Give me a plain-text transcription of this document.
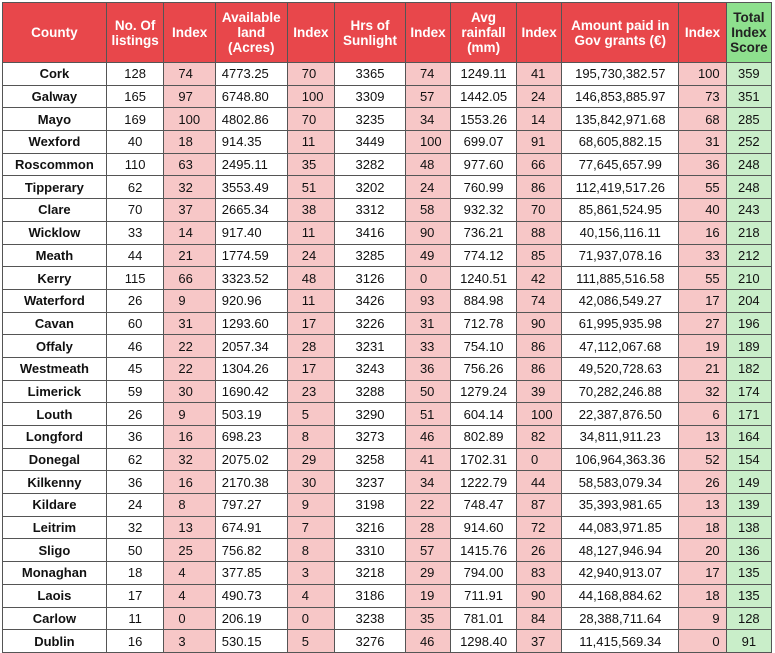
County	No. Of listings	Index	Available land (Acres)	Index	Hrs of Sunlight	Index	Avg rainfall (mm)	Index	Amount paid in Gov grants (€)	Index	Total Index Score
Cork	128	74	4773.25	70	3365	74	1249.11	41	195,730,382.57	100	359
Galway	165	97	6748.80	100	3309	57	1442.05	24	146,853,885.97	73	351
Mayo	169	100	4802.86	70	3235	34	1553.26	14	135,842,971.68	68	285
Wexford	40	18	914.35	11	3449	100	699.07	91	68,605,882.15	31	252
Roscommon	110	63	2495.11	35	3282	48	977.60	66	77,645,657.99	36	248
Tipperary	62	32	3553.49	51	3202	24	760.99	86	112,419,517.26	55	248
Clare	70	37	2665.34	38	3312	58	932.32	70	85,861,524.95	40	243
Wicklow	33	14	917.40	11	3416	90	736.21	88	40,156,116.11	16	218
Meath	44	21	1774.59	24	3285	49	774.12	85	71,937,078.16	33	212
Kerry	115	66	3323.52	48	3126	0	1240.51	42	111,885,516.58	55	210
Waterford	26	9	920.96	11	3426	93	884.98	74	42,086,549.27	17	204
Cavan	60	31	1293.60	17	3226	31	712.78	90	61,995,935.98	27	196
Offaly	46	22	2057.34	28	3231	33	754.10	86	47,112,067.68	19	189
Westmeath	45	22	1304.26	17	3243	36	756.26	86	49,520,728.63	21	182
Limerick	59	30	1690.42	23	3288	50	1279.24	39	70,282,246.88	32	174
Louth	26	9	503.19	5	3290	51	604.14	100	22,387,876.50	6	171
Longford	36	16	698.23	8	3273	46	802.89	82	34,811,911.23	13	164
Donegal	62	32	2075.02	29	3258	41	1702.31	0	106,964,363.36	52	154
Kilkenny	36	16	2170.38	30	3237	34	1222.79	44	58,583,079.34	26	149
Kildare	24	8	797.27	9	3198	22	748.47	87	35,393,981.65	13	139
Leitrim	32	13	674.91	7	3216	28	914.60	72	44,083,971.85	18	138
Sligo	50	25	756.82	8	3310	57	1415.76	26	48,127,946.94	20	136
Monaghan	18	4	377.85	3	3218	29	794.00	83	42,940,913.07	17	135
Laois	17	4	490.73	4	3186	19	711.91	90	44,168,884.62	18	135
Carlow	11	0	206.19	0	3238	35	781.01	84	28,388,711.64	9	128
Dublin	16	3	530.15	5	3276	46	1298.40	37	11,415,569.34	0	91
